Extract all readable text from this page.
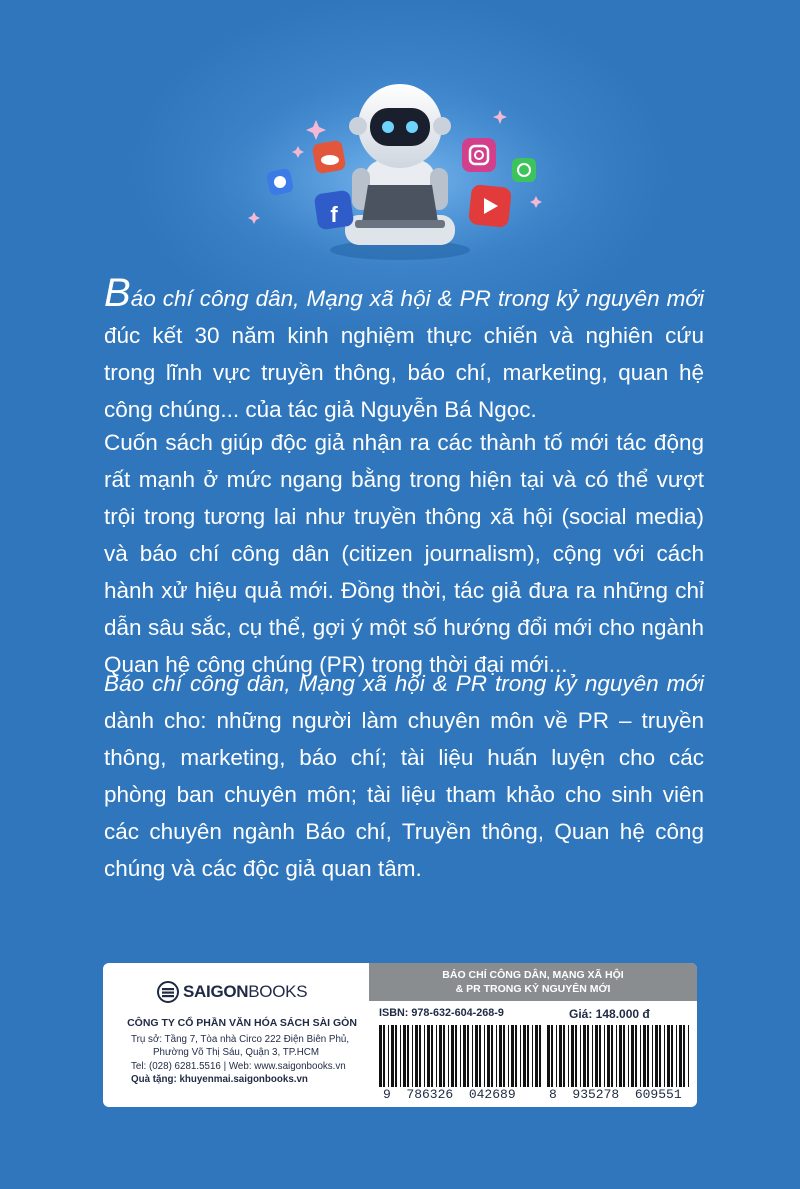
f

Báo chí công dân, Mạng xã hội & PR trong kỷ nguyên mới

đúc kết 30 năm kinh nghiệm thực chiến và nghiên cứu

trong lĩnh vực truyền thông, báo chí, marketing, quan hệ

công chúng... của tác giả Nguyễn Bá Ngọc.

Cuốn sách giúp độc giả nhận ra các thành tố mới tác động

rất mạnh ở mức ngang bằng trong hiện tại và có thể vượt

trội trong tương lai như truyền thông xã hội (social media)

và báo chí công dân (citizen journalism), cộng với cách

hành xử hiệu quả mới. Đồng thời, tác giả đưa ra những chỉ

dẫn sâu sắc, cụ thể, gợi ý một số hướng đổi mới cho ngành

Quan hệ công chúng (PR) trong thời đại mới...

Báo chí công dân, Mạng xã hội & PR trong kỷ nguyên mới

dành cho: những người làm chuyên môn về PR – truyền

thông, marketing, báo chí; tài liệu huấn luyện cho các

phòng ban chuyên môn; tài liệu tham khảo cho sinh viên

các chuyên ngành Báo chí, Truyền thông, Quan hệ công

chúng và các độc giả quan tâm.

SAIGONBOOKS
CÔNG TY CỔ PHẦN VĂN HÓA SÁCH SÀI GÒN
Trụ sở: Tầng 7, Tòa nhà Circo 222 Điện Biên Phủ,
Phường Võ Thị Sáu, Quận 3, TP.HCM
Tel: (028) 6281.5516 | Web: www.saigonbooks.vn
Quà tặng: khuyenmai.saigonbooks.vn
BÁO CHÍ CÔNG DÂN, MẠNG XÃ HỘI
& PR TRONG KỶ NGUYÊN MỚI
ISBN: 978-632-604-268-9	Giá: 148.000 đ
9  786326  042689	8  935278  609551
